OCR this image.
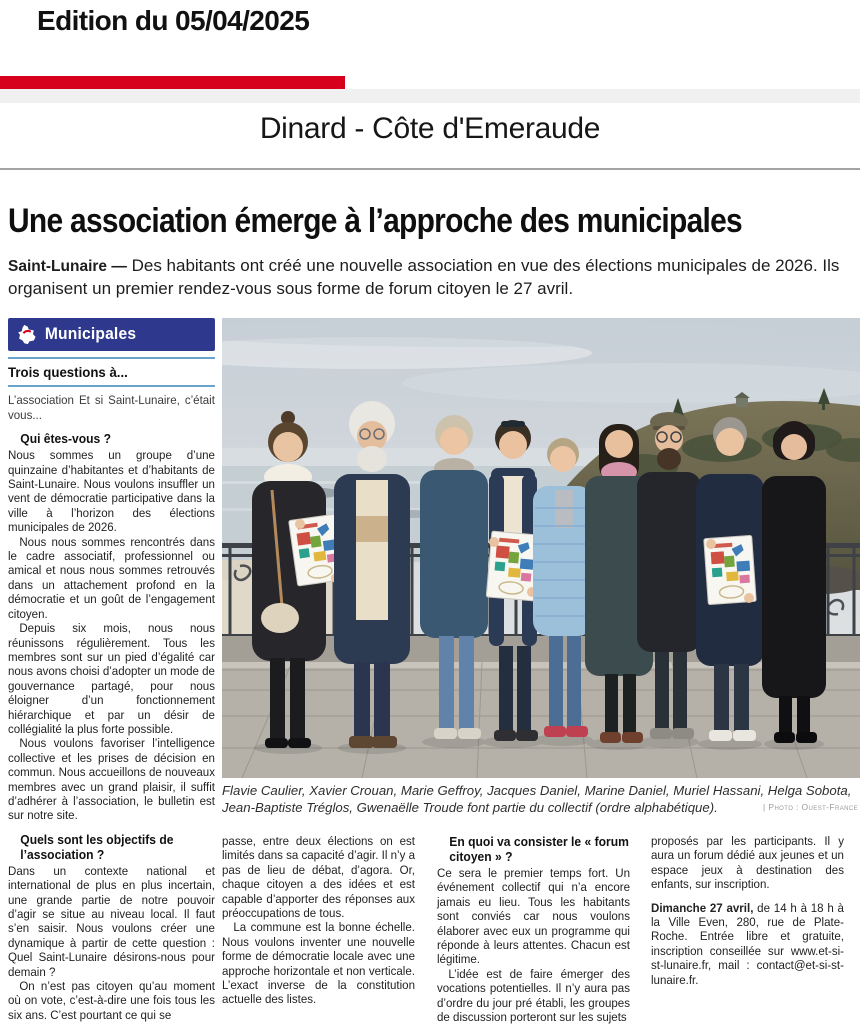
Edition du 05/04/2025
Dinard - Côte d'Emeraude
Une association émerge à l’approche des municipales
Saint-Lunaire — Des habitants ont créé une nouvelle association en vue des élections municipales de 2026. Ils organisent un premier rendez-vous sous forme de forum citoyen le 27 avril.
Municipales
Trois questions à...

L’association Et si Saint-Lunaire, c’était vous...

Qui êtes-vous ?

Nous sommes un groupe d’une quinzaine d’habitantes et d’habitants de Saint-Lunaire. Nous voulons insuffler un vent de démocratie participative dans la ville à l’horizon des élections municipales de 2026.

Nous nous sommes rencontrés dans le cadre associatif, professionnel ou amical et nous nous sommes retrouvés dans un attachement profond en la démocratie et un goût de l’engagement citoyen.

Depuis six mois, nous nous réunissons régulièrement. Tous les membres sont sur un pied d’égalité car nous avons choisi d’adopter un mode de gouvernance partagé, pour nous éloigner d’un fonctionnement hiérarchique et par un désir de collégialité la plus forte possible.

Nous voulons favoriser l’intelligence collective et les prises de décision en commun. Nous accueillons de nouveaux membres avec un grand plaisir, il suffit d’adhérer à l’association, le bulletin est sur notre site.

Quels sont les objectifs de l’association ?

Dans un contexte national et international de plus en plus incertain, une grande partie de notre pouvoir d’agir se situe au niveau local. Il faut s’en saisir. Nous voulons créer une dynamique à partir de cette question : Quel Saint-Lunaire désirons-nous pour demain ?

On n’est pas citoyen qu’au moment où on vote, c’est-à-dire une fois tous les six ans. C’est pourtant ce qui se

Flavie Caulier, Xavier Crouan, Marie Geffroy, Jacques Daniel, Marine Daniel, Muriel Hassani, Helga Sobota, Jean-Baptiste Tréglos, Gwenaëlle Troude font partie du collectif (ordre alphabétique).	| Photo : Ouest-France

passe, entre deux élections on est limités dans sa capacité d’agir. Il n’y a pas de lieu de débat, d’agora. Or, chaque citoyen a des idées et est capable d’apporter des réponses aux préoccupations de tous.

La commune est la bonne échelle. Nous voulons inventer une nouvelle forme de démocratie locale avec une approche horizontale et non verticale. L’exact inverse de la constitution actuelle des listes.

En quoi va consister le « forum citoyen » ?

Ce sera le premier temps fort. Un événement collectif qui n’a encore jamais eu lieu. Tous les habitants sont conviés car nous voulons élaborer avec eux un programme qui réponde à leurs attentes. Chacun est légitime.

L’idée est de faire émerger des vocations potentielles. Il n’y aura pas d’ordre du jour pré établi, les groupes de discussion porteront sur les sujets

proposés par les participants. Il y aura un forum dédié aux jeunes et un espace jeux à destination des enfants, sur inscription.

Dimanche 27 avril, de 14 h à 18 h à la Ville Even, 280, rue de Plate-Roche. Entrée libre et gratuite, inscription conseillée sur www.et-si-st-lunaire.fr, mail : contact@et-si-st-lunaire.fr.
